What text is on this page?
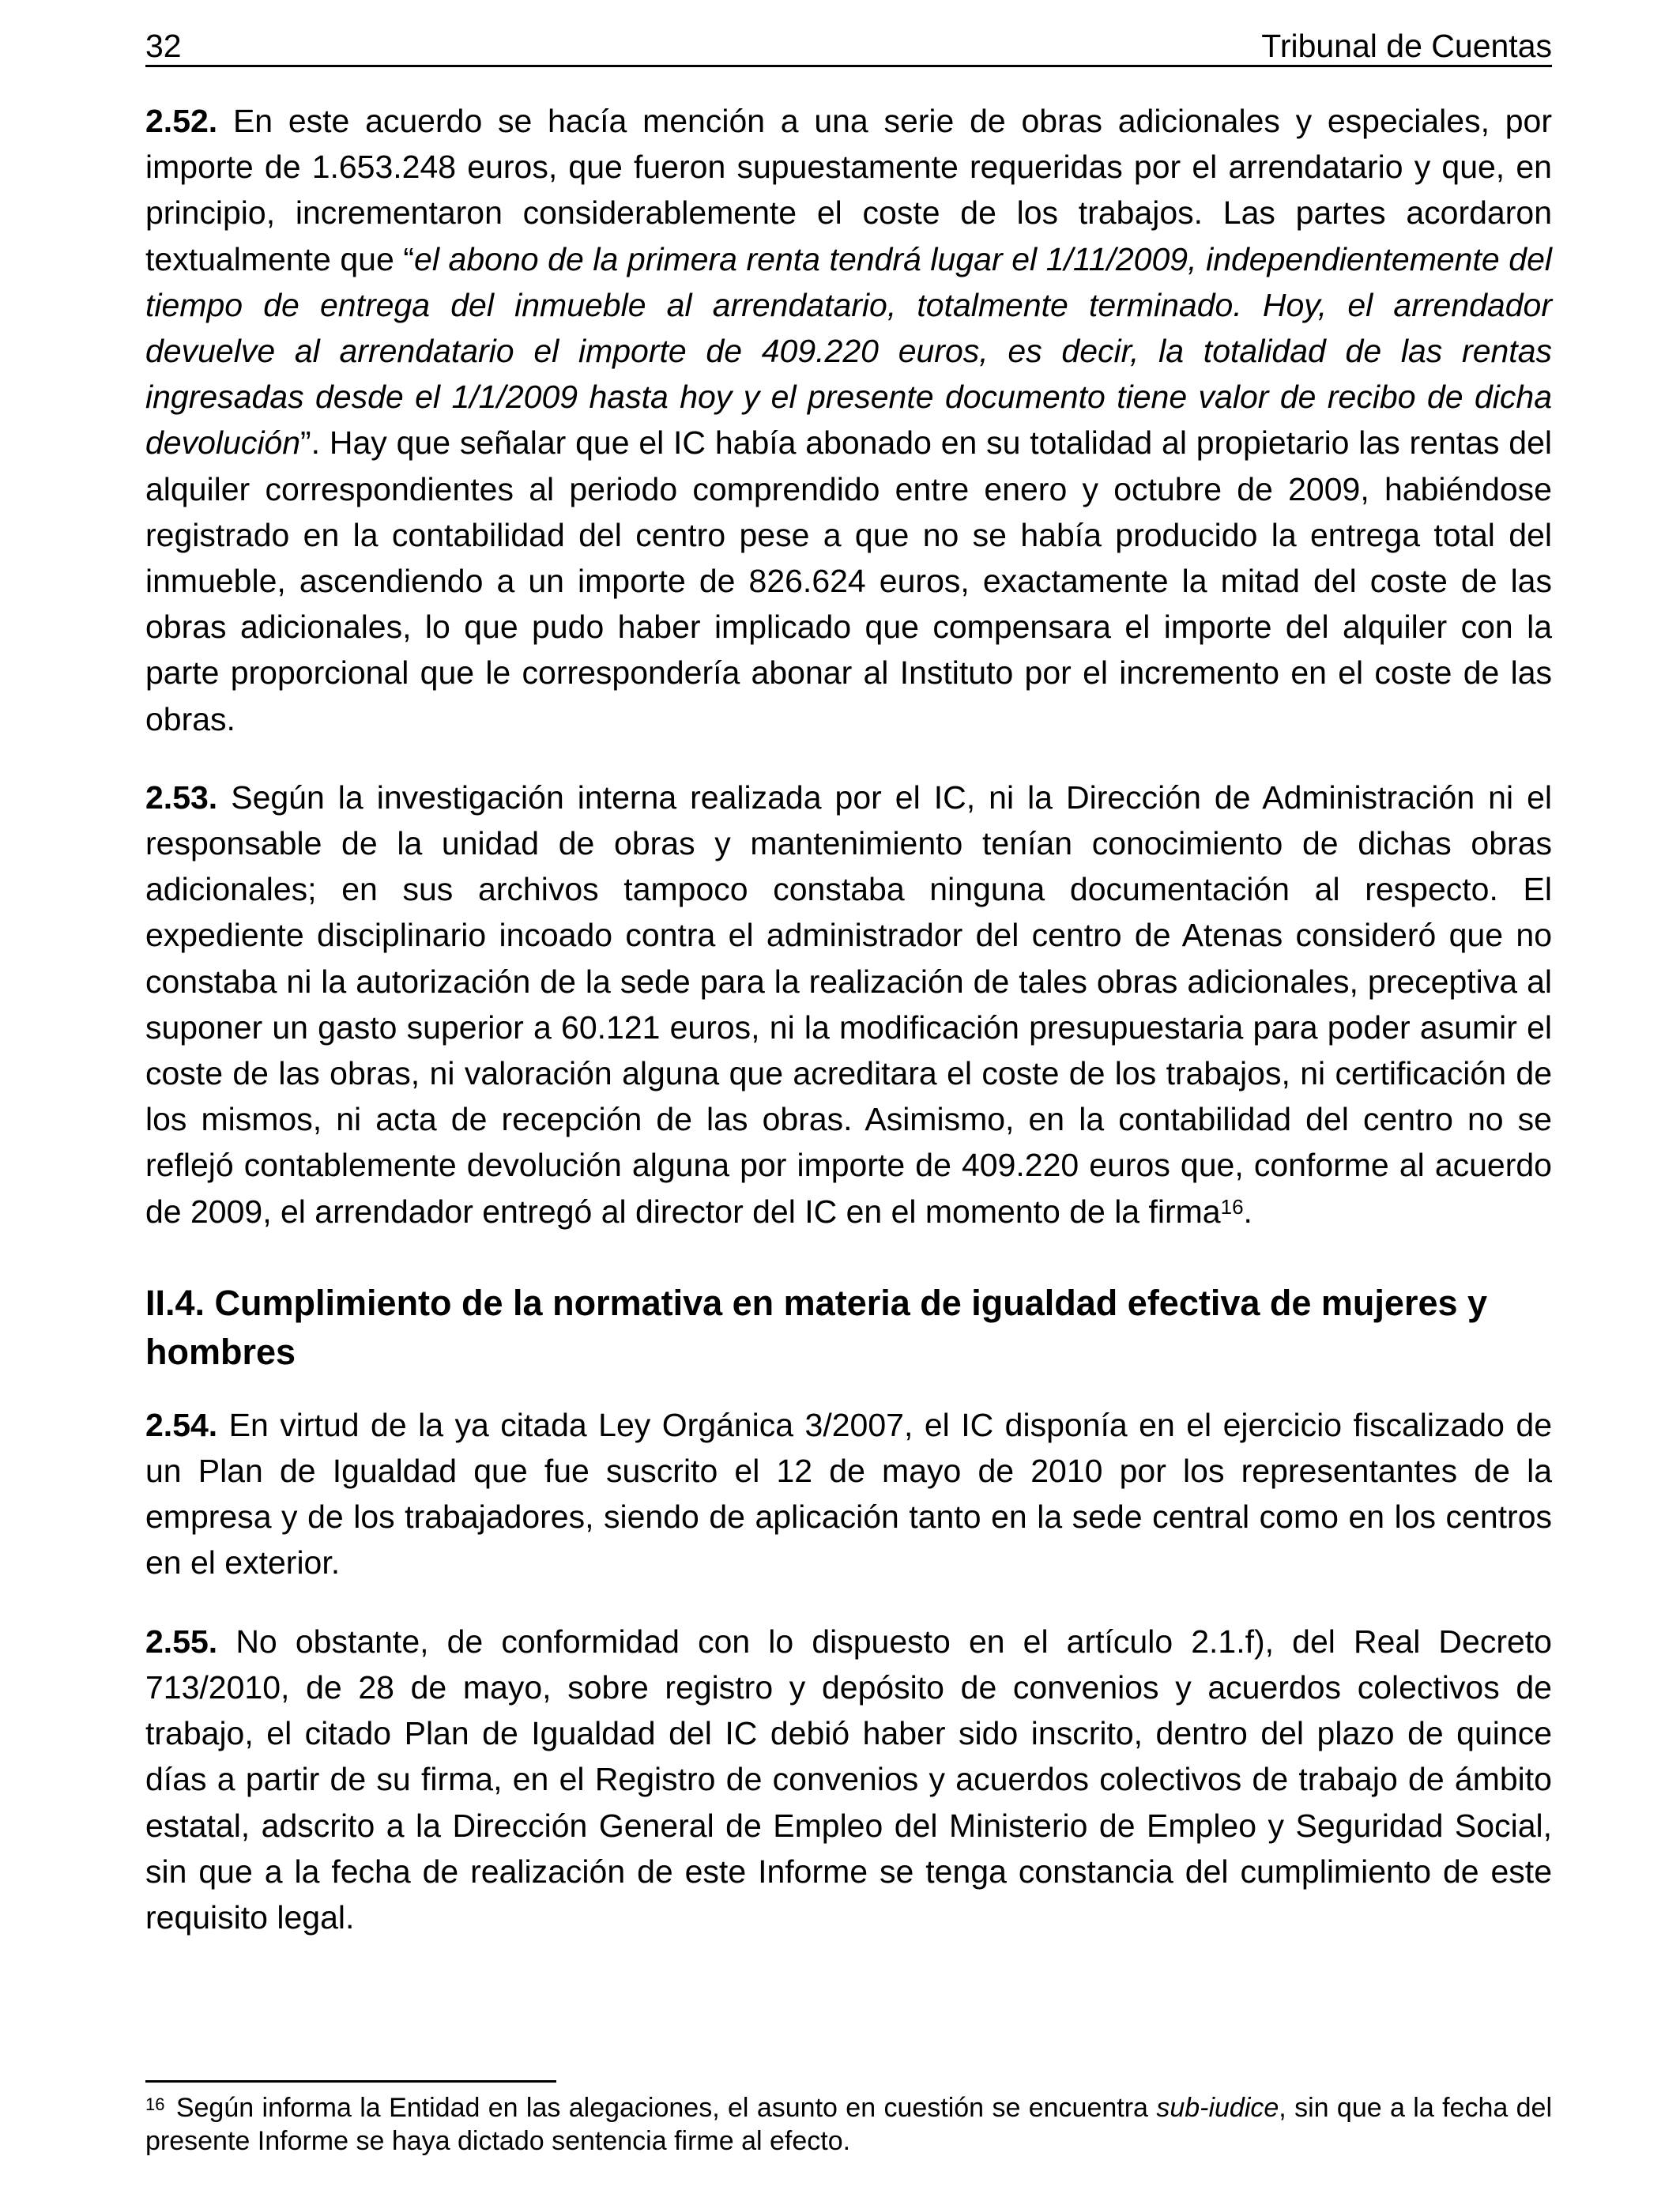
32	Tribunal de Cuentas

2.52. En este acuerdo se hacía mención a una serie de obras adicionales y especiales, por importe de 1.653.248 euros, que fueron supuestamente requeridas por el arrendatario y que, en principio, incrementaron considerablemente el coste de los trabajos. Las partes acordaron textualmente que “el abono de la primera renta tendrá lugar el 1/11/2009, independientemente del tiempo de entrega del inmueble al arrendatario, totalmente terminado. Hoy, el arrendador devuelve al arrendatario el importe de 409.220 euros, es decir, la totalidad de las rentas ingresadas desde el 1/1/2009 hasta hoy y el presente documento tiene valor de recibo de dicha devolución”. Hay que señalar que el IC había abonado en su totalidad al propietario las rentas del alquiler correspondientes al periodo comprendido entre enero y octubre de 2009, habiéndose registrado en la contabilidad del centro pese a que no se había producido la entrega total del inmueble, ascendiendo a un importe de 826.624 euros, exactamente la mitad del coste de las obras adicionales, lo que pudo haber implicado que compensara el importe del alquiler con la parte proporcional que le correspondería abonar al Instituto por el incremento en el coste de las obras.

2.53. Según la investigación interna realizada por el IC, ni la Dirección de Administración ni el responsable de la unidad de obras y mantenimiento tenían conocimiento de dichas obras adicionales; en sus archivos tampoco constaba ninguna documentación al respecto. El expediente disciplinario incoado contra el administrador del centro de Atenas consideró que no constaba ni la autorización de la sede para la realización de tales obras adicionales, preceptiva al suponer un gasto superior a 60.121 euros, ni la modificación presupuestaria para poder asumir el coste de las obras, ni valoración alguna que acreditara el coste de los trabajos, ni certificación de los mismos, ni acta de recepción de las obras. Asimismo, en la contabilidad del centro no se reflejó contablemente devolución alguna por importe de 409.220 euros que, conforme al acuerdo de 2009, el arrendador entregó al director del IC en el momento de la firma$^{16}$.

II.4. Cumplimiento de la normativa en materia de igualdad efectiva de mujeres y hombres

2.54. En virtud de la ya citada Ley Orgánica 3/2007, el IC disponía en el ejercicio fiscalizado de un Plan de Igualdad que fue suscrito el 12 de mayo de 2010 por los representantes de la empresa y de los trabajadores, siendo de aplicación tanto en la sede central como en los centros en el exterior.

2.55. No obstante, de conformidad con lo dispuesto en el artículo 2.1.f), del Real Decreto 713/2010, de 28 de mayo, sobre registro y depósito de convenios y acuerdos colectivos de trabajo, el citado Plan de Igualdad del IC debió haber sido inscrito, dentro del plazo de quince días a partir de su firma, en el Registro de convenios y acuerdos colectivos de trabajo de ámbito estatal, adscrito a la Dirección General de Empleo del Ministerio de Empleo y Seguridad Social, sin que a la fecha de realización de este Informe se tenga constancia del cumplimiento de este requisito legal.

$^{16}$ Según informa la Entidad en las alegaciones, el asunto en cuestión se encuentra sub-iudice, sin que a la fecha del presente Informe se haya dictado sentencia firme al efecto.
